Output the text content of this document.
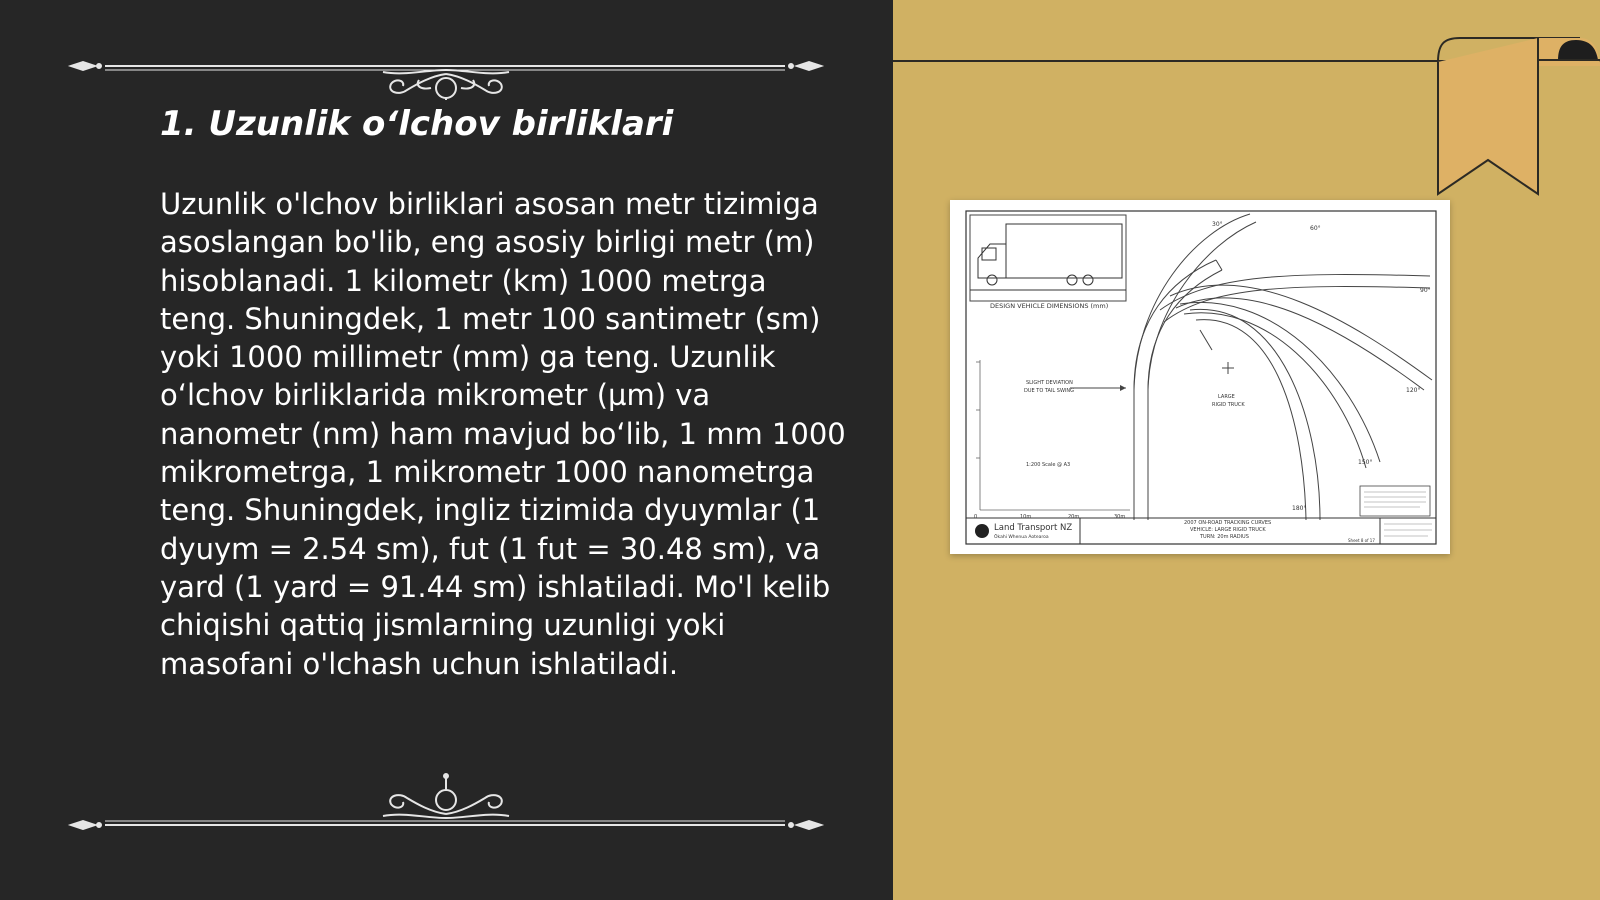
1. Uzunlik o‘lchov birliklari

Uzunlik o'lchov birliklari asosan metr tizimiga asoslangan bo'lib, eng asosiy birligi metr (m) hisoblanadi. 1 kilometr (km) 1000 metrga teng. Shuningdek, 1 metr 100 santimetr (sm) yoki 1000 millimetr (mm) ga teng. Uzunlik o‘lchov birliklarida mikrometr (µm) va nanometr (nm) ham mavjud bo‘lib, 1 mm 1000 mikrometrga, 1 mikrometr 1000 nanometrga teng. Shuningdek, ingliz tizimida dyuymlar (1 dyuym = 2.54 sm), fut (1 fut = 30.48 sm), va yard (1 yard = 91.44 sm) ishlatiladi. Mo'l kelib chiqishi qattiq jismlarning uzunligi yoki masofani o'lchash uchun ishlatiladi.

DESIGN VEHICLE DIMENSIONS (mm)
SLIGHT DEVIATION
DUE TO TAIL SWING
LARGE
RIGID TRUCK
1:200 Scale @ A3
30°
60°
90°
120°
150°
180°
0	10m	20m	30m
Land Transport NZ
Ōkahi Whenua Aotearoa
2007 ON-ROAD TRACKING CURVES
VEHICLE: LARGE RIGID TRUCK
TURN: 20m RADIUS
Sheet 8 of 17
